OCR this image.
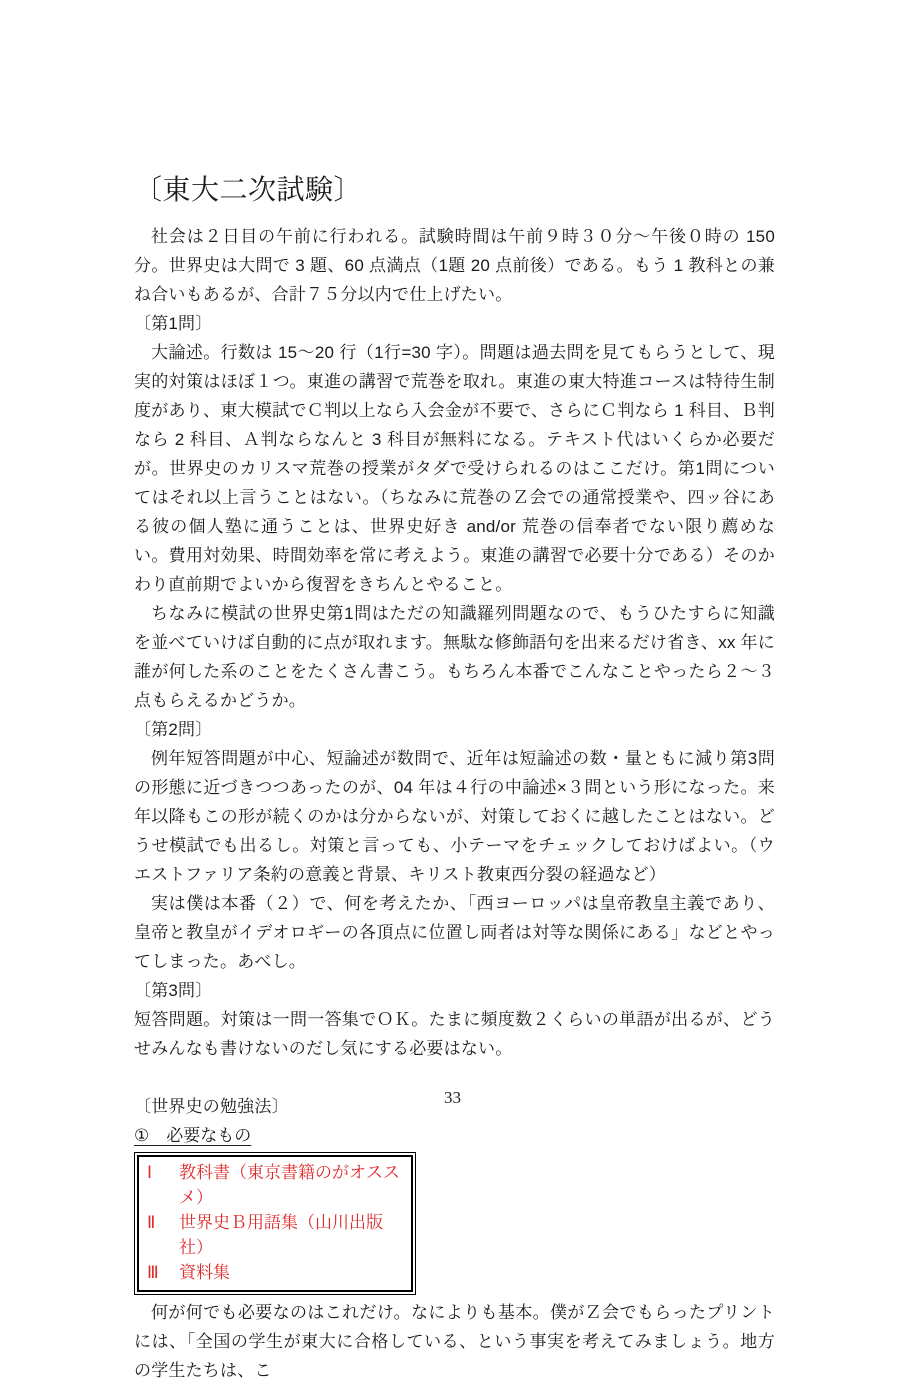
〔東大二次試験〕

社会は２日目の午前に行われる。試験時間は午前９時３０分～午後０時の 150 分。世界史は大問で 3 題、60 点満点（1題 20 点前後）である。もう 1 教科との兼ね合いもあるが、合計７５分以内で仕上げたい。

〔第1問〕

大論述。行数は 15～20 行（1行=30 字）。問題は過去問を見てもらうとして、現実的対策はほぼ１つ。東進の講習で荒巻を取れ。東進の東大特進コースは特待生制度があり、東大模試でＣ判以上なら入会金が不要で、さらにＣ判なら 1 科目、Ｂ判なら 2 科目、Ａ判ならなんと 3 科目が無料になる。テキスト代はいくらか必要だが。世界史のカリスマ荒巻の授業がタダで受けられるのはここだけ。第1問についてはそれ以上言うことはない。（ちなみに荒巻のＺ会での通常授業や、四ッ谷にある彼の個人塾に通うことは、世界史好き and/or 荒巻の信奉者でない限り薦めない。費用対効果、時間効率を常に考えよう。東進の講習で必要十分である）そのかわり直前期でよいから復習をきちんとやること。

ちなみに模試の世界史第1問はただの知識羅列問題なので、もうひたすらに知識を並べていけば自動的に点が取れます。無駄な修飾語句を出来るだけ省き、xx 年に誰が何した系のことをたくさん書こう。もちろん本番でこんなことやったら２～３点もらえるかどうか。

〔第2問〕

例年短答問題が中心、短論述が数問で、近年は短論述の数・量ともに減り第3問の形態に近づきつつあったのが、04 年は４行の中論述×３問という形になった。来年以降もこの形が続くのかは分からないが、対策しておくに越したことはない。どうせ模試でも出るし。対策と言っても、小テーマをチェックしておけばよい。（ウエストファリア条約の意義と背景、キリスト教東西分裂の経過など）

実は僕は本番（２）で、何を考えたか、「西ヨーロッパは皇帝教皇主義であり、皇帝と教皇がイデオロギーの各頂点に位置し両者は対等な関係にある」などとやってしまった。あべし。

〔第3問〕

短答問題。対策は一問一答集でＯＫ。たまに頻度数２くらいの単語が出るが、どうせみんなも書けないのだし気にする必要はない。

〔世界史の勉強法〕
①　必要なもの
Ⅰ	教科書（東京書籍のがオススメ）
Ⅱ	世界史Ｂ用語集（山川出版社）
Ⅲ	資料集

何が何でも必要なのはこれだけ。なによりも基本。僕がＺ会でもらったプリントには、「全国の学生が東大に合格している、という事実を考えてみましょう。地方の学生たちは、こ

33
